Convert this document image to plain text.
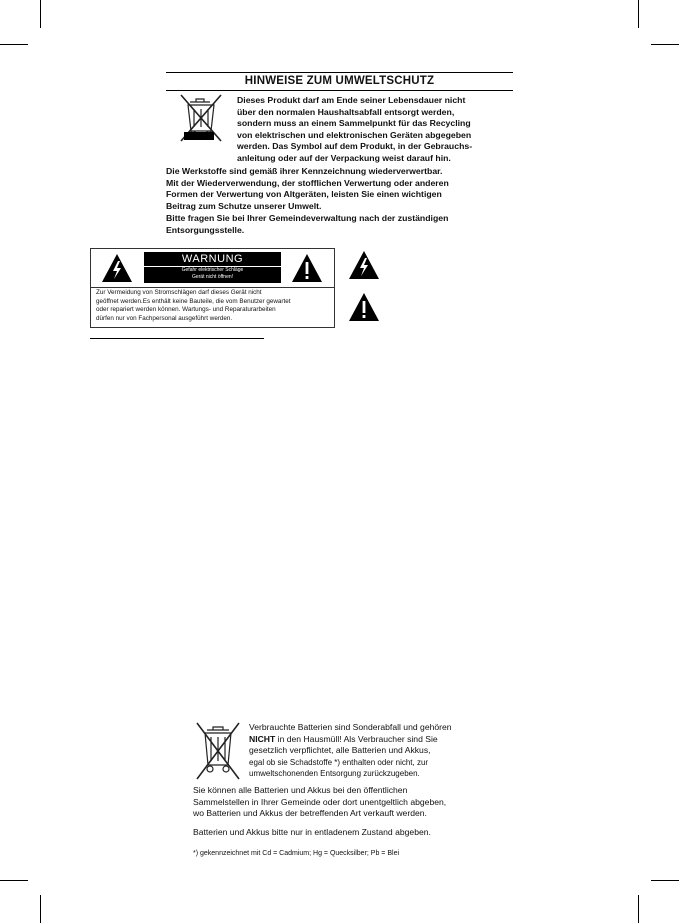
HINWEISE ZUM UMWELTSCHUTZ
Dieses Produkt darf am Ende seiner Lebensdauer nicht
über den normalen Haushaltsabfall entsorgt werden,
sondern muss an einem Sammelpunkt für das Recycling
von elektrischen und elektronischen Geräten abgegeben
werden. Das Symbol auf dem Produkt, in der Gebrauchs-
anleitung oder auf der Verpackung weist darauf hin.
Die Werkstoffe sind gemäß ihrer Kennzeichnung wiederverwertbar.
Mit der Wiederverwendung, der stofflichen Verwertung oder anderen
Formen der Verwertung von Altgeräten, leisten Sie einen wichtigen
Beitrag zum Schutze unserer Umwelt.
Bitte fragen Sie bei Ihrer Gemeindeverwaltung nach der zuständigen
Entsorgungsstelle.
WARNUNG
Gefahr elektrischer Schläge
Gerät nicht öffnen!
Zur Vermeidung von Stromschlägen darf dieses Gerät nicht
geöffnet werden.Es enthält keine Bauteile, die vom Benutzer gewartet
oder repariert werden können. Wartungs- und Reparaturarbeiten
dürfen nur von Fachpersonal ausgeführt werden.
Verbrauchte Batterien sind Sonderabfall und gehören
NICHT in den Hausmüll! Als Verbraucher sind Sie
gesetzlich verpflichtet, alle Batterien und Akkus,
egal ob sie Schadstoffe *) enthalten oder nicht, zur
umweltschonenden Entsorgung zurückzugeben.
Sie können alle Batterien und Akkus bei den öffentlichen
Sammelstellen in Ihrer Gemeinde oder dort unentgeltlich abgeben,
wo Batterien und Akkus der betreffenden Art verkauft werden.
Batterien und Akkus bitte nur in entladenem Zustand abgeben.
*) gekennzeichnet mit Cd = Cadmium; Hg = Quecksilber; Pb = Blei
